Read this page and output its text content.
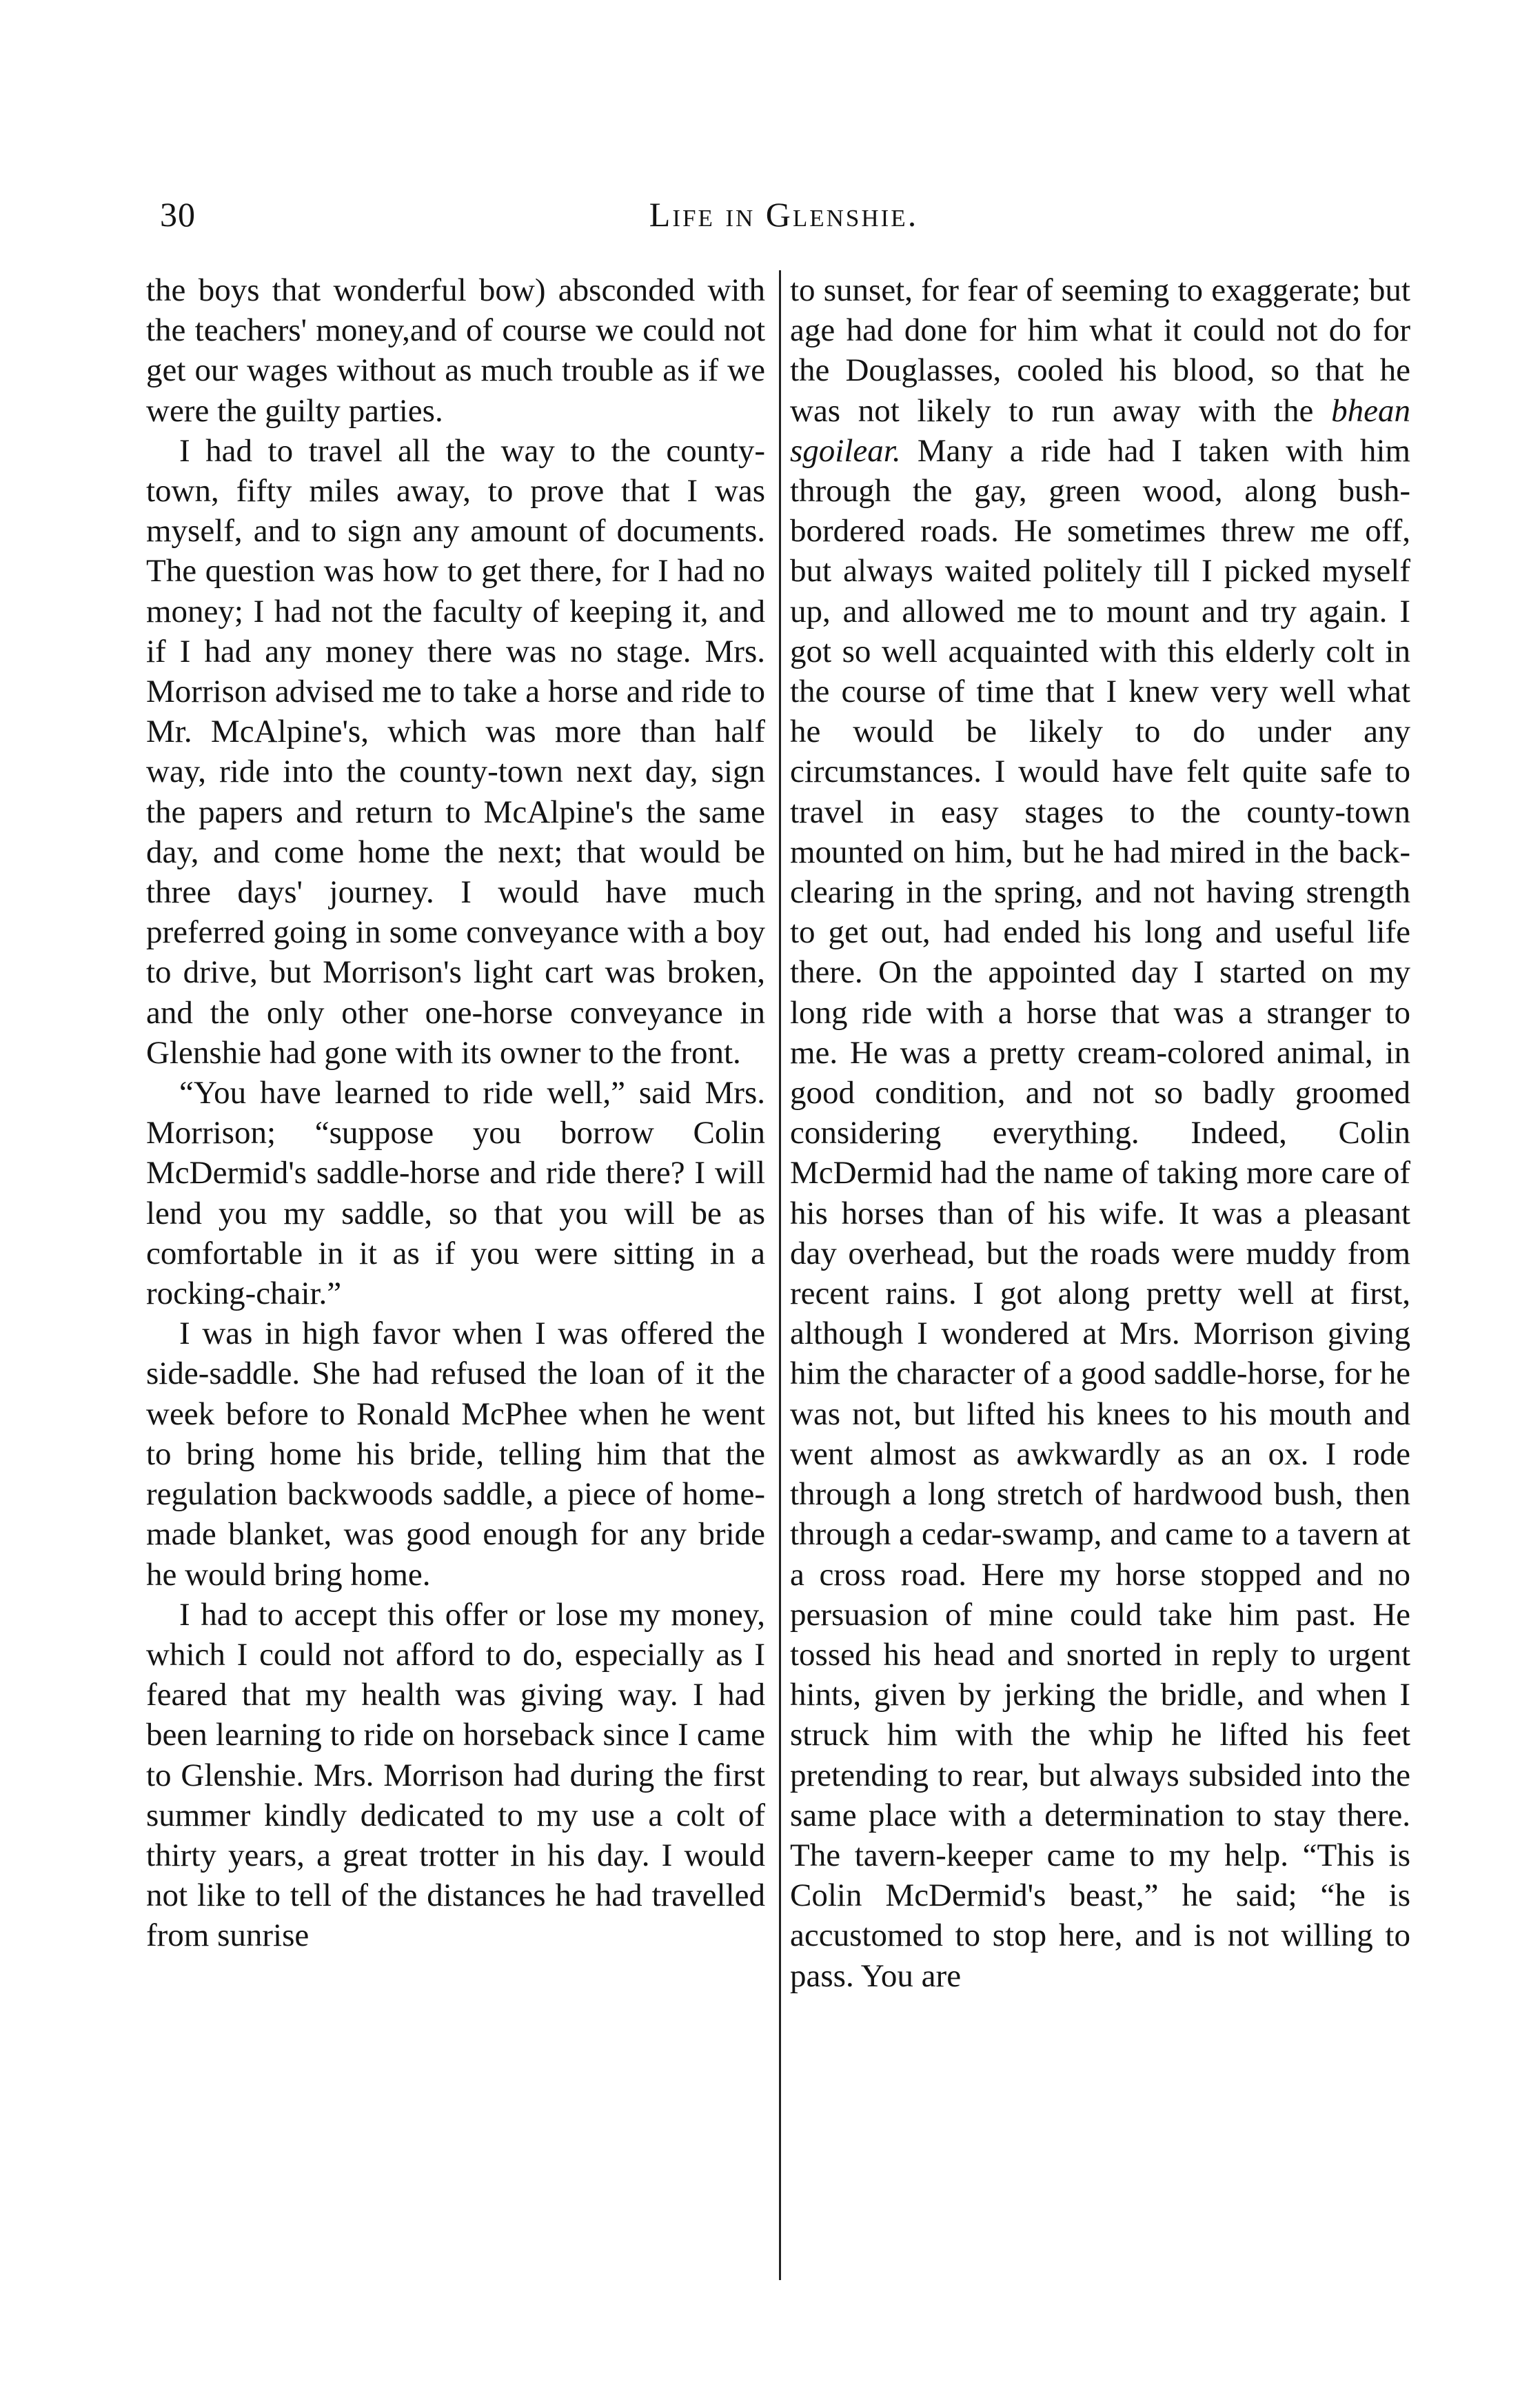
30	Life in Glenshie.

the boys that wonderful bow) absconded with the teachers' money,and of course we could not get our wages without as much trouble as if we were the guilty parties.

I had to travel all the way to the county-town, fifty miles away, to prove that I was myself, and to sign any amount of documents. The question was how to get there, for I had no money; I had not the faculty of keeping it, and if I had any money there was no stage. Mrs. Morrison advised me to take a horse and ride to Mr. McAlpine's, which was more than half way, ride into the county-town next day, sign the papers and return to McAlpine's the same day, and come home the next; that would be three days' journey. I would have much preferred going in some conveyance with a boy to drive, but Morrison's light cart was broken, and the only other one-horse conveyance in Glenshie had gone with its owner to the front.

“You have learned to ride well,” said Mrs. Morrison; “suppose you borrow Colin McDermid's saddle-horse and ride there? I will lend you my saddle, so that you will be as comfortable in it as if you were sitting in a rocking-chair.”

I was in high favor when I was offered the side-saddle. She had refused the loan of it the week before to Ronald McPhee when he went to bring home his bride, telling him that the regulation backwoods saddle, a piece of home-made blanket, was good enough for any bride he would bring home.

I had to accept this offer or lose my money, which I could not afford to do, especially as I feared that my health was giving way. I had been learning to ride on horseback since I came to Glenshie. Mrs. Morrison had during the first summer kindly dedicated to my use a colt of thirty years, a great trotter in his day. I would not like to tell of the distances he had travelled from sunrise

to sunset, for fear of seeming to exaggerate; but age had done for him what it could not do for the Douglasses, cooled his blood, so that he was not likely to run away with the bhean sgoilear. Many a ride had I taken with him through the gay, green wood, along bush-bordered roads. He sometimes threw me off, but always waited politely till I picked myself up, and allowed me to mount and try again. I got so well acquainted with this elderly colt in the course of time that I knew very well what he would be likely to do under any circumstances. I would have felt quite safe to travel in easy stages to the county-town mounted on him, but he had mired in the back-clearing in the spring, and not having strength to get out, had ended his long and useful life there. On the appointed day I started on my long ride with a horse that was a stranger to me. He was a pretty cream-colored animal, in good condition, and not so badly groomed considering everything. Indeed, Colin McDermid had the name of taking more care of his horses than of his wife. It was a pleasant day overhead, but the roads were muddy from recent rains. I got along pretty well at first, although I wondered at Mrs. Morrison giving him the character of a good saddle-horse, for he was not, but lifted his knees to his mouth and went almost as awkwardly as an ox. I rode through a long stretch of hardwood bush, then through a cedar-swamp, and came to a tavern at a cross road. Here my horse stopped and no persuasion of mine could take him past. He tossed his head and snorted in reply to urgent hints, given by jerking the bridle, and when I struck him with the whip he lifted his feet pretending to rear, but always subsided into the same place with a determination to stay there. The tavern-keeper came to my help. “This is Colin McDermid's beast,” he said; “he is accustomed to stop here, and is not willing to pass. You are
